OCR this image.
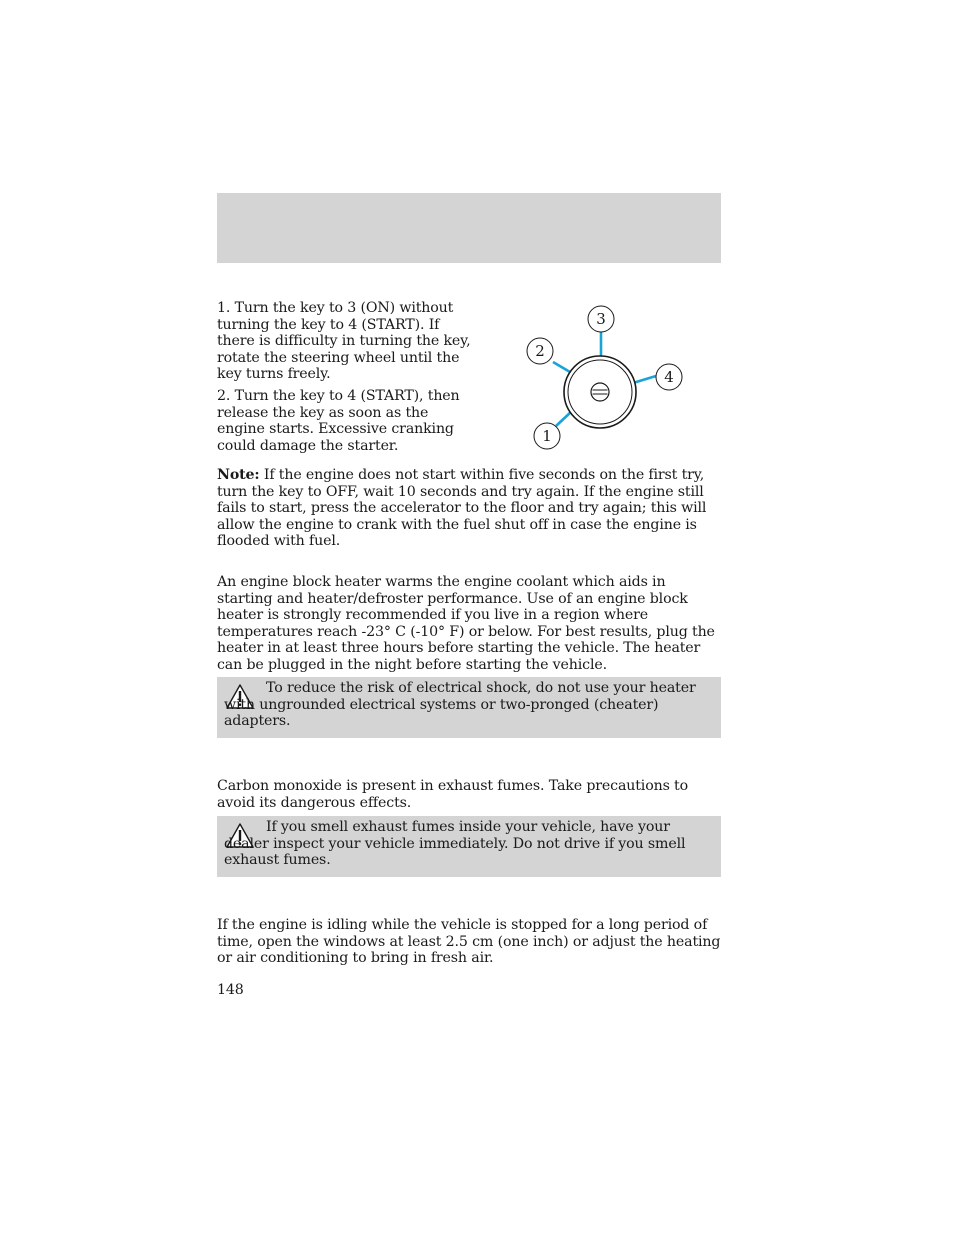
1. Turn the key to 3 (ON) without turning the key to 4 (START). If there is difficulty in turning the key, rotate the steering wheel until the key turns freely.

2. Turn the key to 4 (START), then release the key as soon as the engine starts. Excessive cranking could damage the starter.

3
2
4
1

Note: If the engine does not start within five seconds on the first try, turn the key to OFF, wait 10 seconds and try again. If the engine still fails to start, press the accelerator to the floor and try again; this will allow the engine to crank with the fuel shut off in case the engine is flooded with fuel.

An engine block heater warms the engine coolant which aids in starting and heater/defroster performance. Use of an engine block heater is strongly recommended if you live in a region where temperatures reach -23° C (-10° F) or below. For best results, plug the heater in at least three hours before starting the vehicle. The heater can be plugged in the night before starting the vehicle.

To reduce the risk of electrical shock, do not use your heater with ungrounded electrical systems or two-pronged (cheater) adapters.

Carbon monoxide is present in exhaust fumes. Take precautions to avoid its dangerous effects.

If you smell exhaust fumes inside your vehicle, have your dealer inspect your vehicle immediately. Do not drive if you smell exhaust fumes.

If the engine is idling while the vehicle is stopped for a long period of time, open the windows at least 2.5 cm (one inch) or adjust the heating or air conditioning to bring in fresh air.

148
